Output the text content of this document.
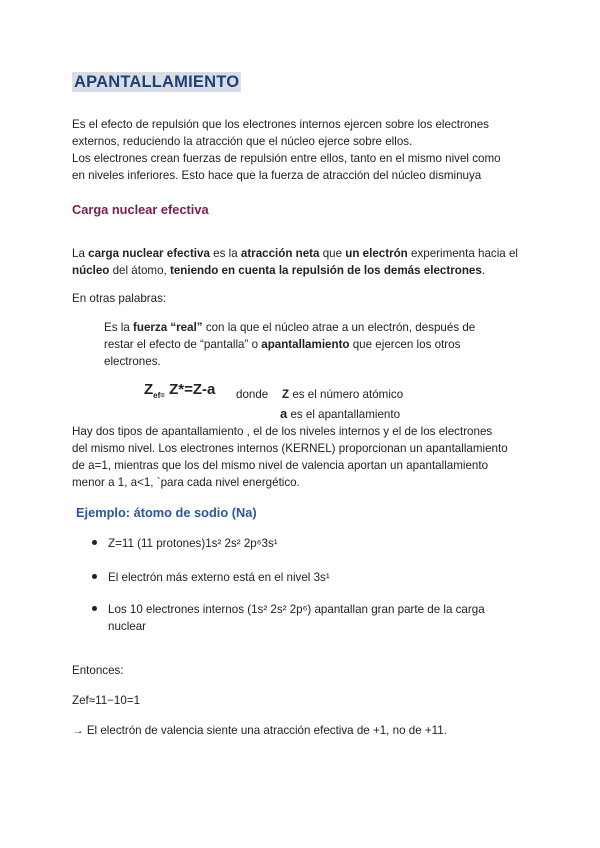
APANTALLAMIENTO
Es el efecto de repulsión que los electrones internos ejercen sobre los electrones
externos, reduciendo la atracción que el núcleo ejerce sobre ellos.
Los electrones crean fuerzas de repulsión entre ellos, tanto en el mismo nivel como
en niveles inferiores. Esto hace que la fuerza de atracción del núcleo disminuya
Carga nuclear efectiva
La carga nuclear efectiva es la atracción neta que un electrón experimenta hacia el
núcleo del átomo, teniendo en cuenta la repulsión de los demás electrones.
En otras palabras:
Es la fuerza “real” con la que el núcleo atrae a un electrón, después de
restar el efecto de “pantalla” o apantallamiento que ejercen los otros
electrones.
$Z_{ef=}$ Z*=Z-a donde Z es el número atómico
a es el apantallamiento
Hay dos tipos de apantallamiento , el de los niveles internos y el de los electrones
del mismo nivel. Los electrones internos (KERNEL) proporcionan un apantallamiento
de a=1, mientras que los del mismo nivel de valencia aportan un apantallamiento
menor a 1, a<1, `para cada nivel energético.
Ejemplo: átomo de sodio (Na)
Z=11 (11 protones)1s² 2s² 2p⁶3s¹
El electrón más externo está en el nivel 3s¹
Los 10 electrones internos (1s² 2s² 2p⁶) apantallan gran parte de la carga
nuclear
Entonces:
Zef≈11−10=1
→ El electrón de valencia siente una atracción efectiva de +1, no de +11.
